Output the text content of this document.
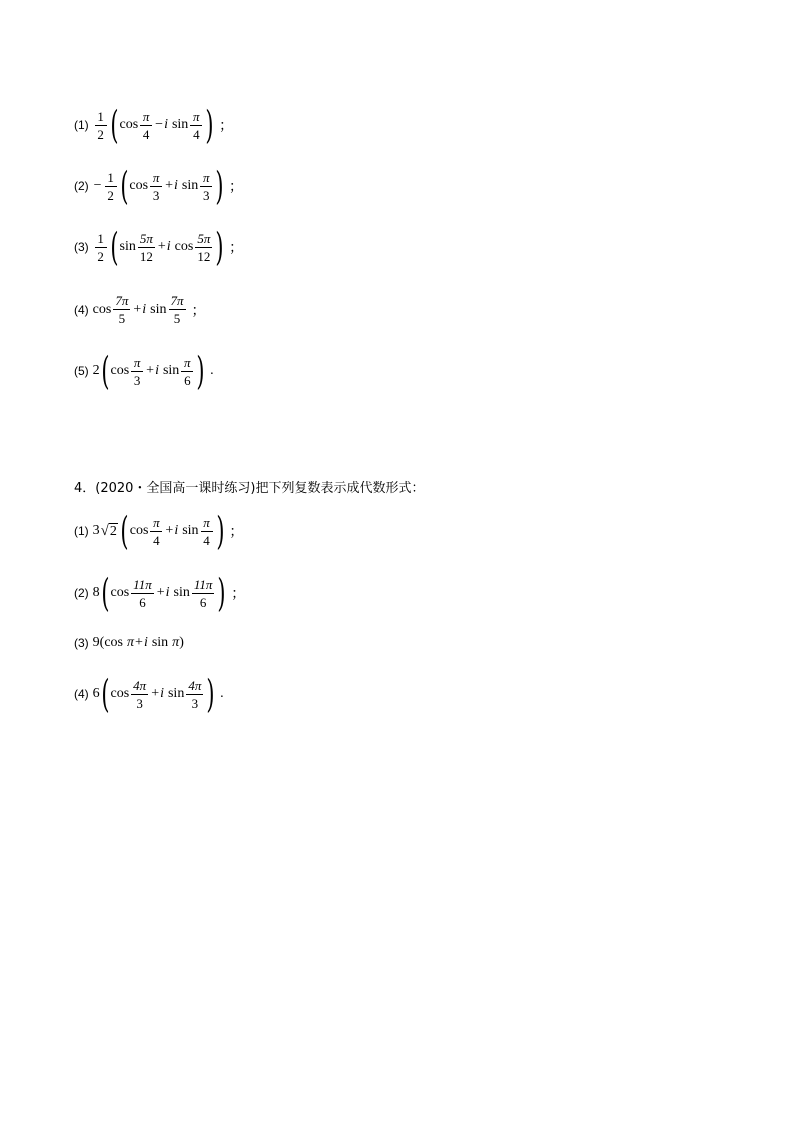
$(1) \frac{1}{2}$ ( $\cos \frac{\pi}{4} - i$ $\sin \frac{\pi}{4}$ ) ；
$(2) - \frac{1}{2}$ ( $\cos \frac{\pi}{3} + i$ $\sin \frac{\pi}{3}$ ) ；
$(3) \frac{1}{2}$ ( $\sin \frac{5\pi}{12} + i$ $\cos \frac{5\pi}{12}$ ) ；
(4) $\cos \frac{7\pi}{5} + i$ $\sin \frac{7\pi}{5}$ ；
(5) 2 ( $\cos \frac{\pi}{3} + i$ $\sin \frac{\pi}{6}$ ) .
4．(2020・全国高一课时练习)把下列复数表示成代数形式：
(1) 3 √ 2 ( $\cos \frac{\pi}{4} + i$ $\sin \frac{\pi}{4}$ ) ；
(2) 8 ( $\cos \frac{11\pi}{6} + i$ $\sin \frac{11\pi}{6}$ ) ；
(3) 9 ( cos π + i sin π )
(4) 6 ( $\cos \frac{4\pi}{3} + i$ $\sin \frac{4\pi}{3}$ ) .
